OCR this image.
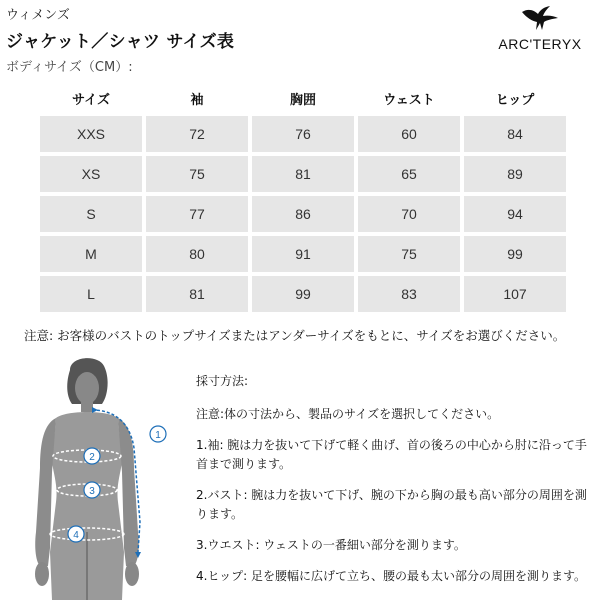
ウィメンズ
ジャケット／シャツ サイズ表
ボディサイズ（CM）:
ARC'TERYX
サイズ	袖	胸囲	ウェスト	ヒップ
XXS	72	76	60	84
XS	75	81	65	89
S	77	86	70	94
M	80	91	75	99
L	81	99	83	107
注意: お客様のバストのトップサイズまたはアンダーサイズをもとに、サイズをお選びください。
1
2
3
4

採寸方法:

注意:体の寸法から、製品のサイズを選択してください。

1.袖: 腕は力を抜いて下げて軽く曲げ、首の後ろの中心から肘に沿って手首まで測ります。

2.バスト: 腕は力を抜いて下げ、腕の下から胸の最も高い部分の周囲を測ります。

3.ウエスト: ウェストの一番細い部分を測ります。

4.ヒップ: 足を腰幅に広げて立ち、腰の最も太い部分の周囲を測ります。
